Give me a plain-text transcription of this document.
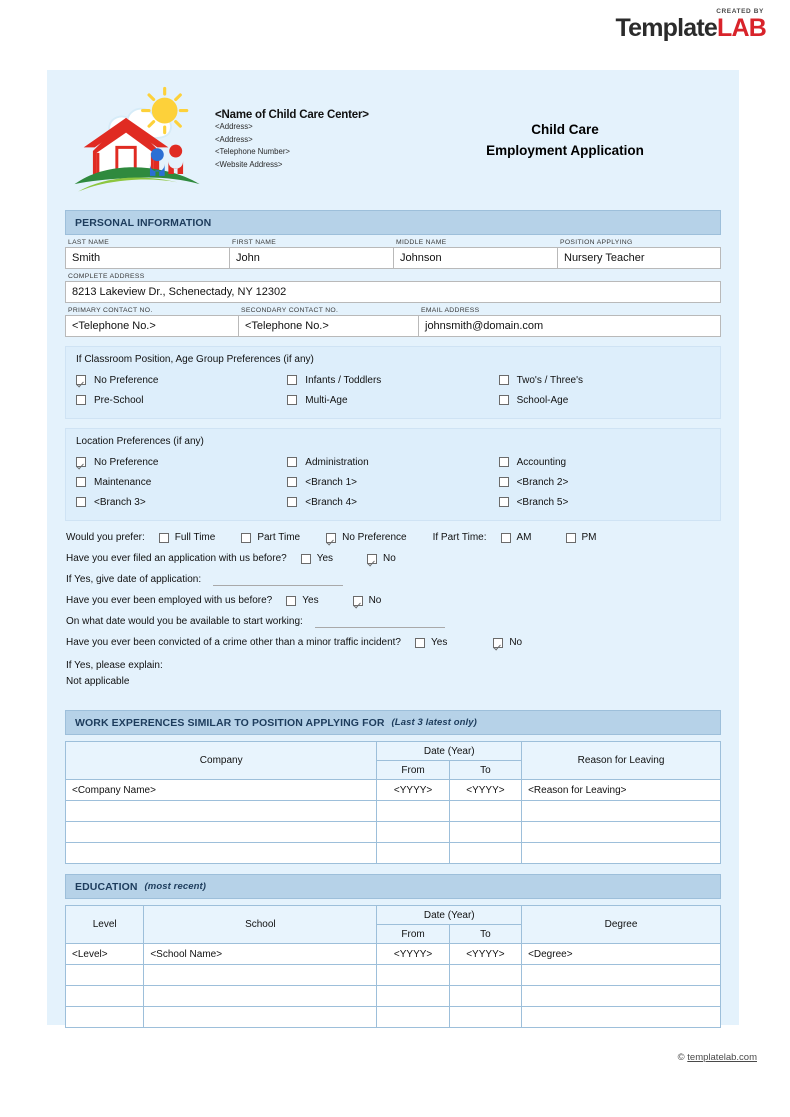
CREATED BY
TemplateLAB
<Name of Child Care Center>
<Address>
<Address>
<Telephone Number>
<Website Address>
Child Care
Employment Application
PERSONAL INFORMATION
LAST NAME
Smith
FIRST NAME
John
MIDDLE NAME
Johnson
POSITION APPLYING
Nursery Teacher
COMPLETE ADDRESS
8213 Lakeview Dr., Schenectady, NY 12302
PRIMARY CONTACT NO.
<Telephone No.>
SECONDARY CONTACT NO.
<Telephone No.>
EMAIL ADDRESS
johnsmith@domain.com
If Classroom Position, Age Group Preferences (if any)
No Preference	Infants / Toddlers	Two's / Three's
Pre-School	Multi-Age	School-Age
Location Preferences (if any)
No Preference	Administration	Accounting
Maintenance	<Branch 1>	<Branch 2>
<Branch 3>	<Branch 4>	<Branch 5>
Would you prefer:	Full Time	Part Time	No Preference	If Part Time:	AM	PM
Have you ever filed an application with us before?	Yes	No
If Yes, give date of application:
Have you ever been employed with us before?	Yes	No
On what date would you be available to start working:
Have you ever been convicted of a crime other than a minor traffic incident?	Yes	No
If Yes, please explain:
Not applicable
WORK EXPERENCES SIMILAR TO POSITION APPLYING FOR (Last 3 latest only)
Company	Date (Year)		Reason for Leaving
	From	To	
<Company Name>	<YYYY>	<YYYY>	<Reason for Leaving>

EDUCATION (most recent)
Level	School	Date (Year)		Degree
		From	To	
<Level>	<School Name>	<YYYY>	<YYYY>	<Degree>

© templatelab.com
